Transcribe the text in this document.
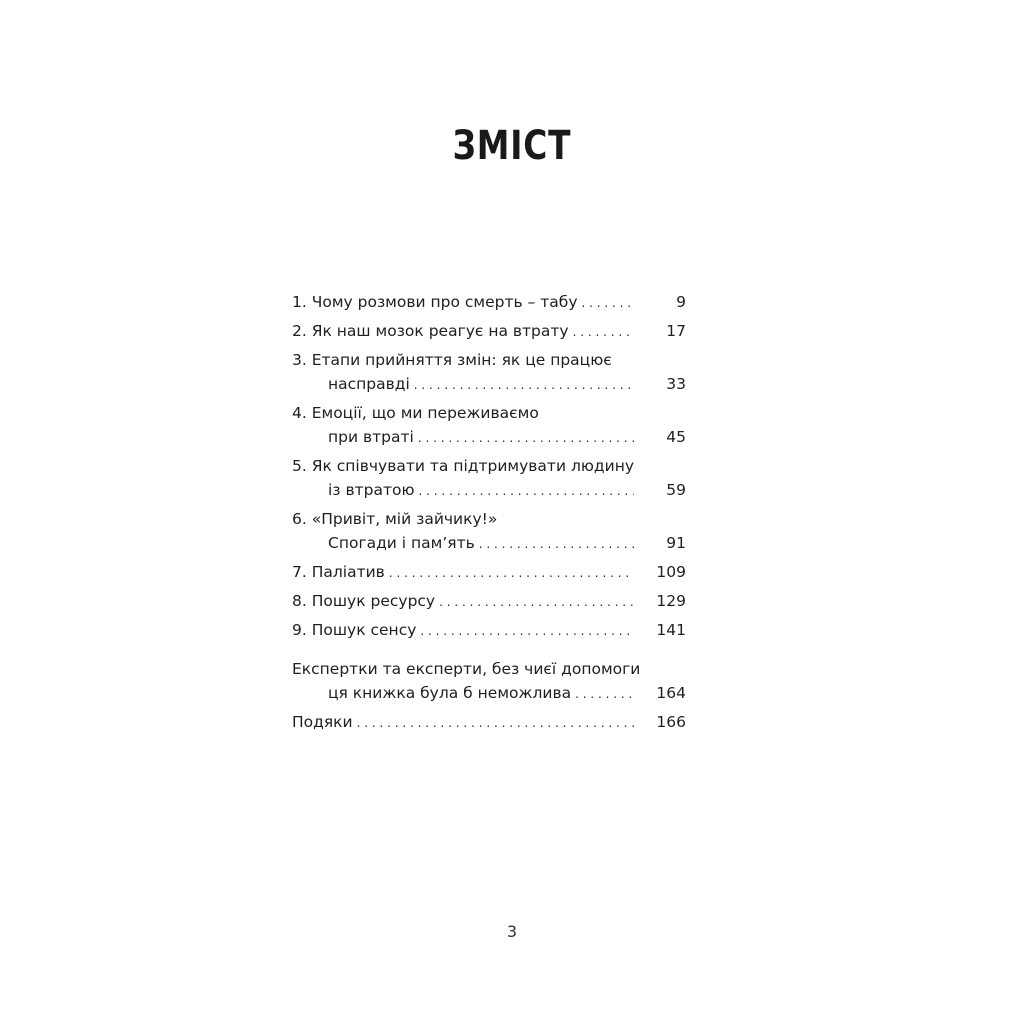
ЗМІСТ
1. Чому розмови про смерть – табу . . .	9
2. Як наш мозок реагує на втрату . . .	17
3. Етапи прийняття змін: як це працює
насправді . . .	33
4. Емоції, що ми переживаємо
при втраті . . .	45
5. Як співчувати та підтримувати людину
із втратою . . .	59
6. «Привіт, мій зайчику!»
Спогади і пам’ять . . .	91
7. Паліатив . . .	109
8. Пошук ресурсу . . .	129
9. Пошук сенсу . . .	141
Експертки та експерти, без чиєї допомоги
ця книжка була б неможлива . . .	164
Подяки . . .	166
3
